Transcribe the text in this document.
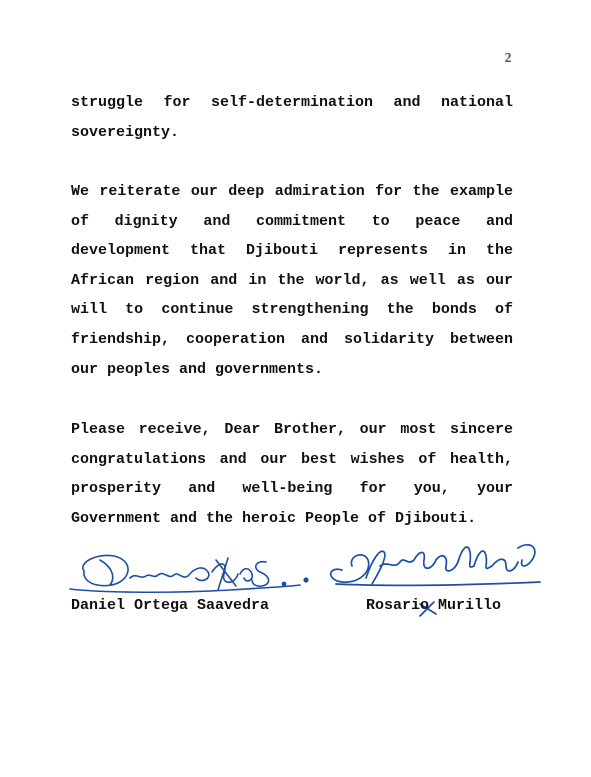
2

struggle for self-determination and national sovereignty.

We reiterate our deep admiration for the example of dignity and commitment to peace and development that Djibouti represents in the African region and in the world, as well as our will to continue strengthening the bonds of friendship, cooperation and solidarity between our peoples and governments.

Please receive, Dear Brother, our most sincere congratulations and our best wishes of health, prosperity and well-being for you, your Government and the heroic People of Djibouti.

Daniel Ortega Saavedra	Rosario Murillo
